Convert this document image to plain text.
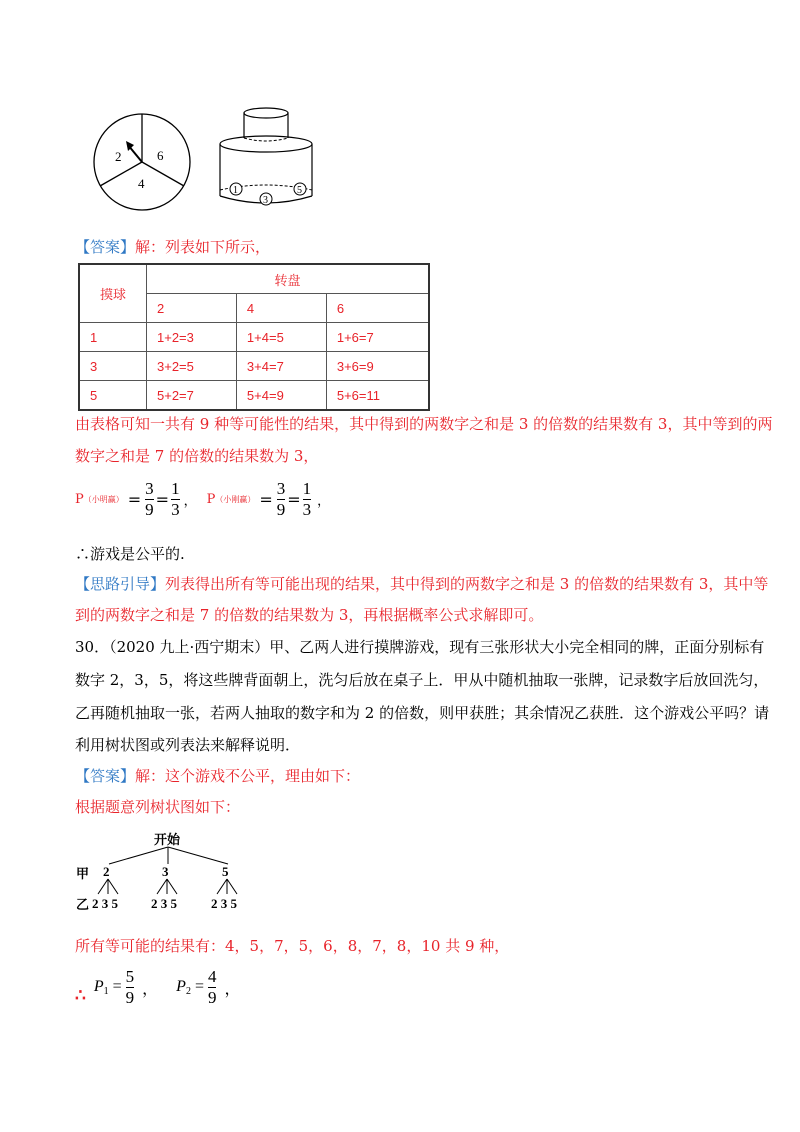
2	6
4	1	5
3
【答案】解：列表如下所示，
摸球	转盘		
	2	4	6
1	1+2=3	1+4=5	1+6=7
3	3+2=5	3+4=7	3+6=9
5	5+2=7	5+4=9	5+6=11
由表格可知一共有 9 种等可能性的结果，其中得到的两数字之和是 3 的倍数的结果数有 3，其中等到的两
数字之和是 7 的倍数的结果数为 3，
P （小明赢） = $\frac{3}{9} = \frac{1}{3}$ ， P （小刚赢） = $\frac{3}{9} = \frac{1}{3}$ ，
∴游戏是公平的.
【思路引导】列表得出所有等可能出现的结果，其中得到的两数字之和是 3 的倍数的结果数有 3，其中等
到的两数字之和是 7 的倍数的结果数为 3，再根据概率公式求解即可。
30．（2020 九上·西宁期末）甲、乙两人进行摸牌游戏，现有三张形状大小完全相同的牌，正面分别标有
数字 2，3，5，将这些牌背面朝上，洗匀后放在桌子上．甲从中随机抽取一张牌，记录数字后放回洗匀，
乙再随机抽取一张，若两人抽取的数字和为 2 的倍数，则甲获胜；其余情况乙获胜．这个游戏公平吗？请
利用树状图或列表法来解释说明．
【答案】解：这个游戏不公平，理由如下：
根据题意列树状图如下：
开始
甲 2	3	5
乙 2 3 5	2 3 5	2 3 5
所有等可能的结果有：4，5，7，5，6，8，7，8，10 共 9 种，
∴ P $1 = \frac{5}{9}$ ， P $2 = \frac{4}{9}$ ，
